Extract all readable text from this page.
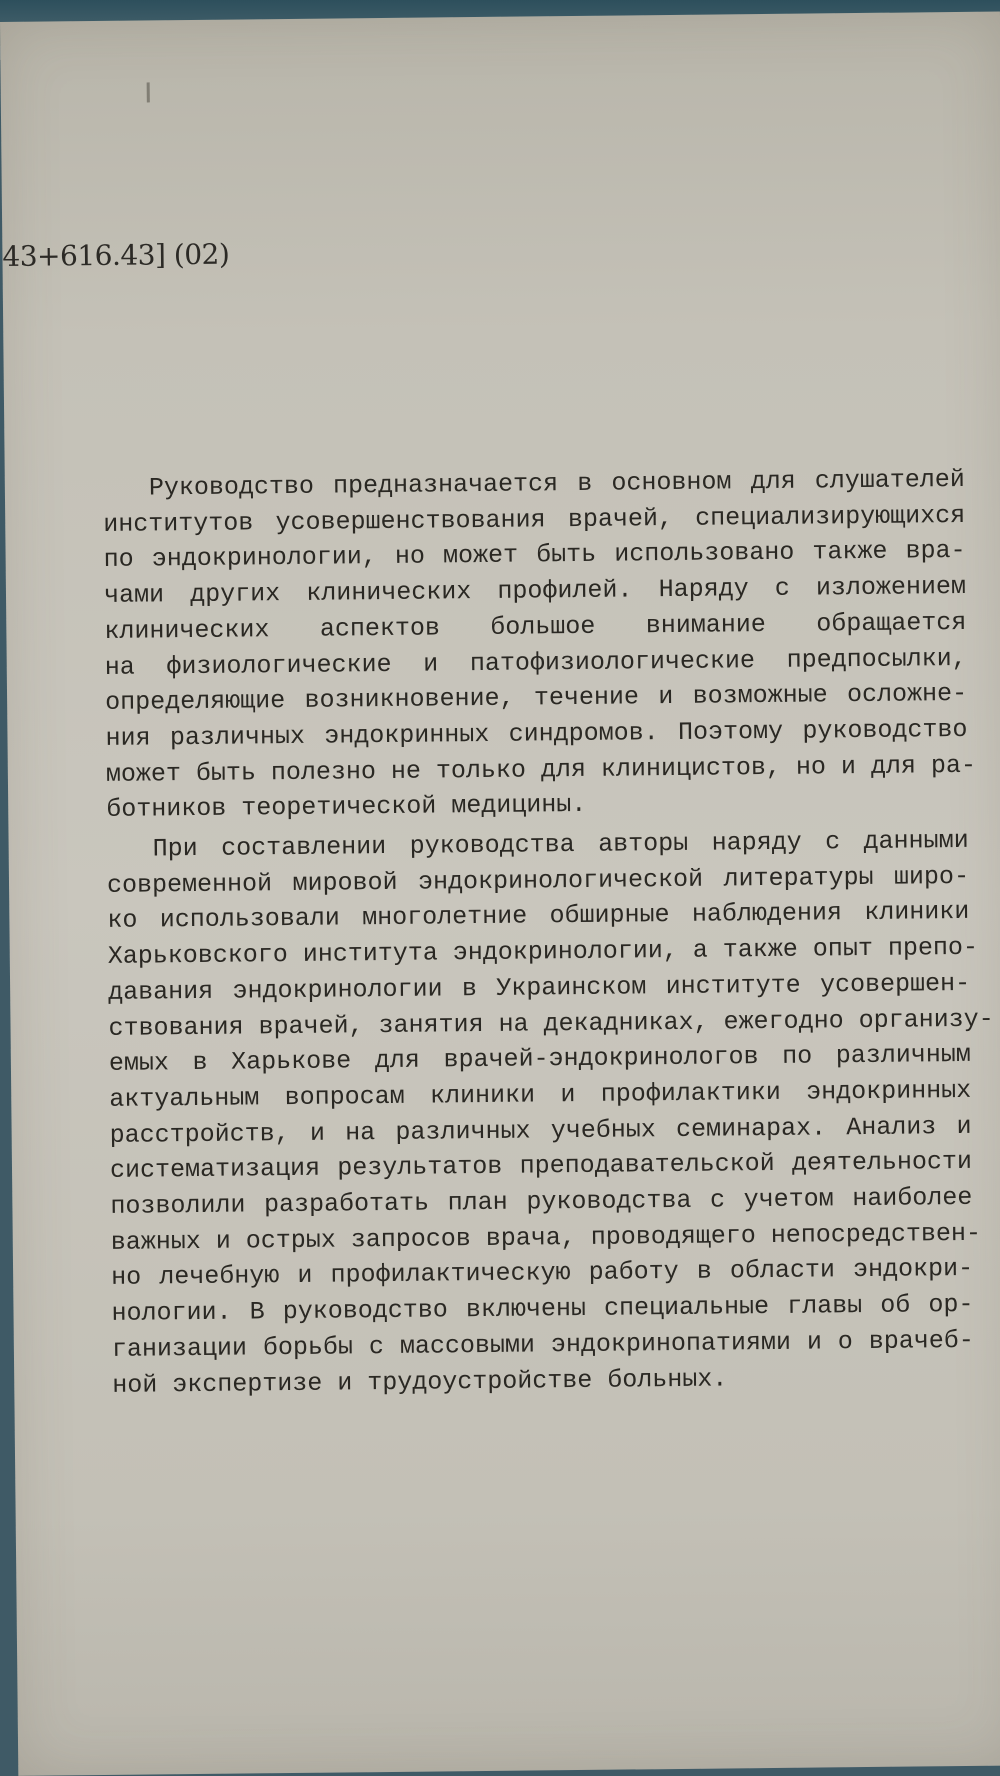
43+616.43] (02)

Руководство предназначается в основном для слушателей
институтов усовершенствования врачей, специализирующихся
по эндокринологии, но может быть использовано также вра-
чами других клинических профилей. Наряду с изложением
клинических аспектов большое внимание обращается
на физиологические и патофизиологические предпосылки,
определяющие возникновение, течение и возможные осложне-
ния различных эндокринных синдромов. Поэтому руководство
может быть полезно не только для клиницистов, но и для ра-
ботников теоретической медицины.

При составлении руководства авторы наряду с данными
современной мировой эндокринологической литературы широ-
ко использовали многолетние обширные наблюдения клиники
Харьковского института эндокринологии, а также опыт препо-
давания эндокринологии в Украинском институте усовершен-
ствования врачей, занятия на декадниках, ежегодно организу-
емых в Харькове для врачей-эндокринологов по различным
актуальным вопросам клиники и профилактики эндокринных
расстройств, и на различных учебных семинарах. Анализ и
систематизация результатов преподавательской деятельности
позволили разработать план руководства с учетом наиболее
важных и острых запросов врача, проводящего непосредствен-
но лечебную и профилактическую работу в области эндокри-
нологии. В руководство включены специальные главы об ор-
ганизации борьбы с массовыми эндокринопатиями и о врачеб-
ной экспертизе и трудоустройстве больных.
